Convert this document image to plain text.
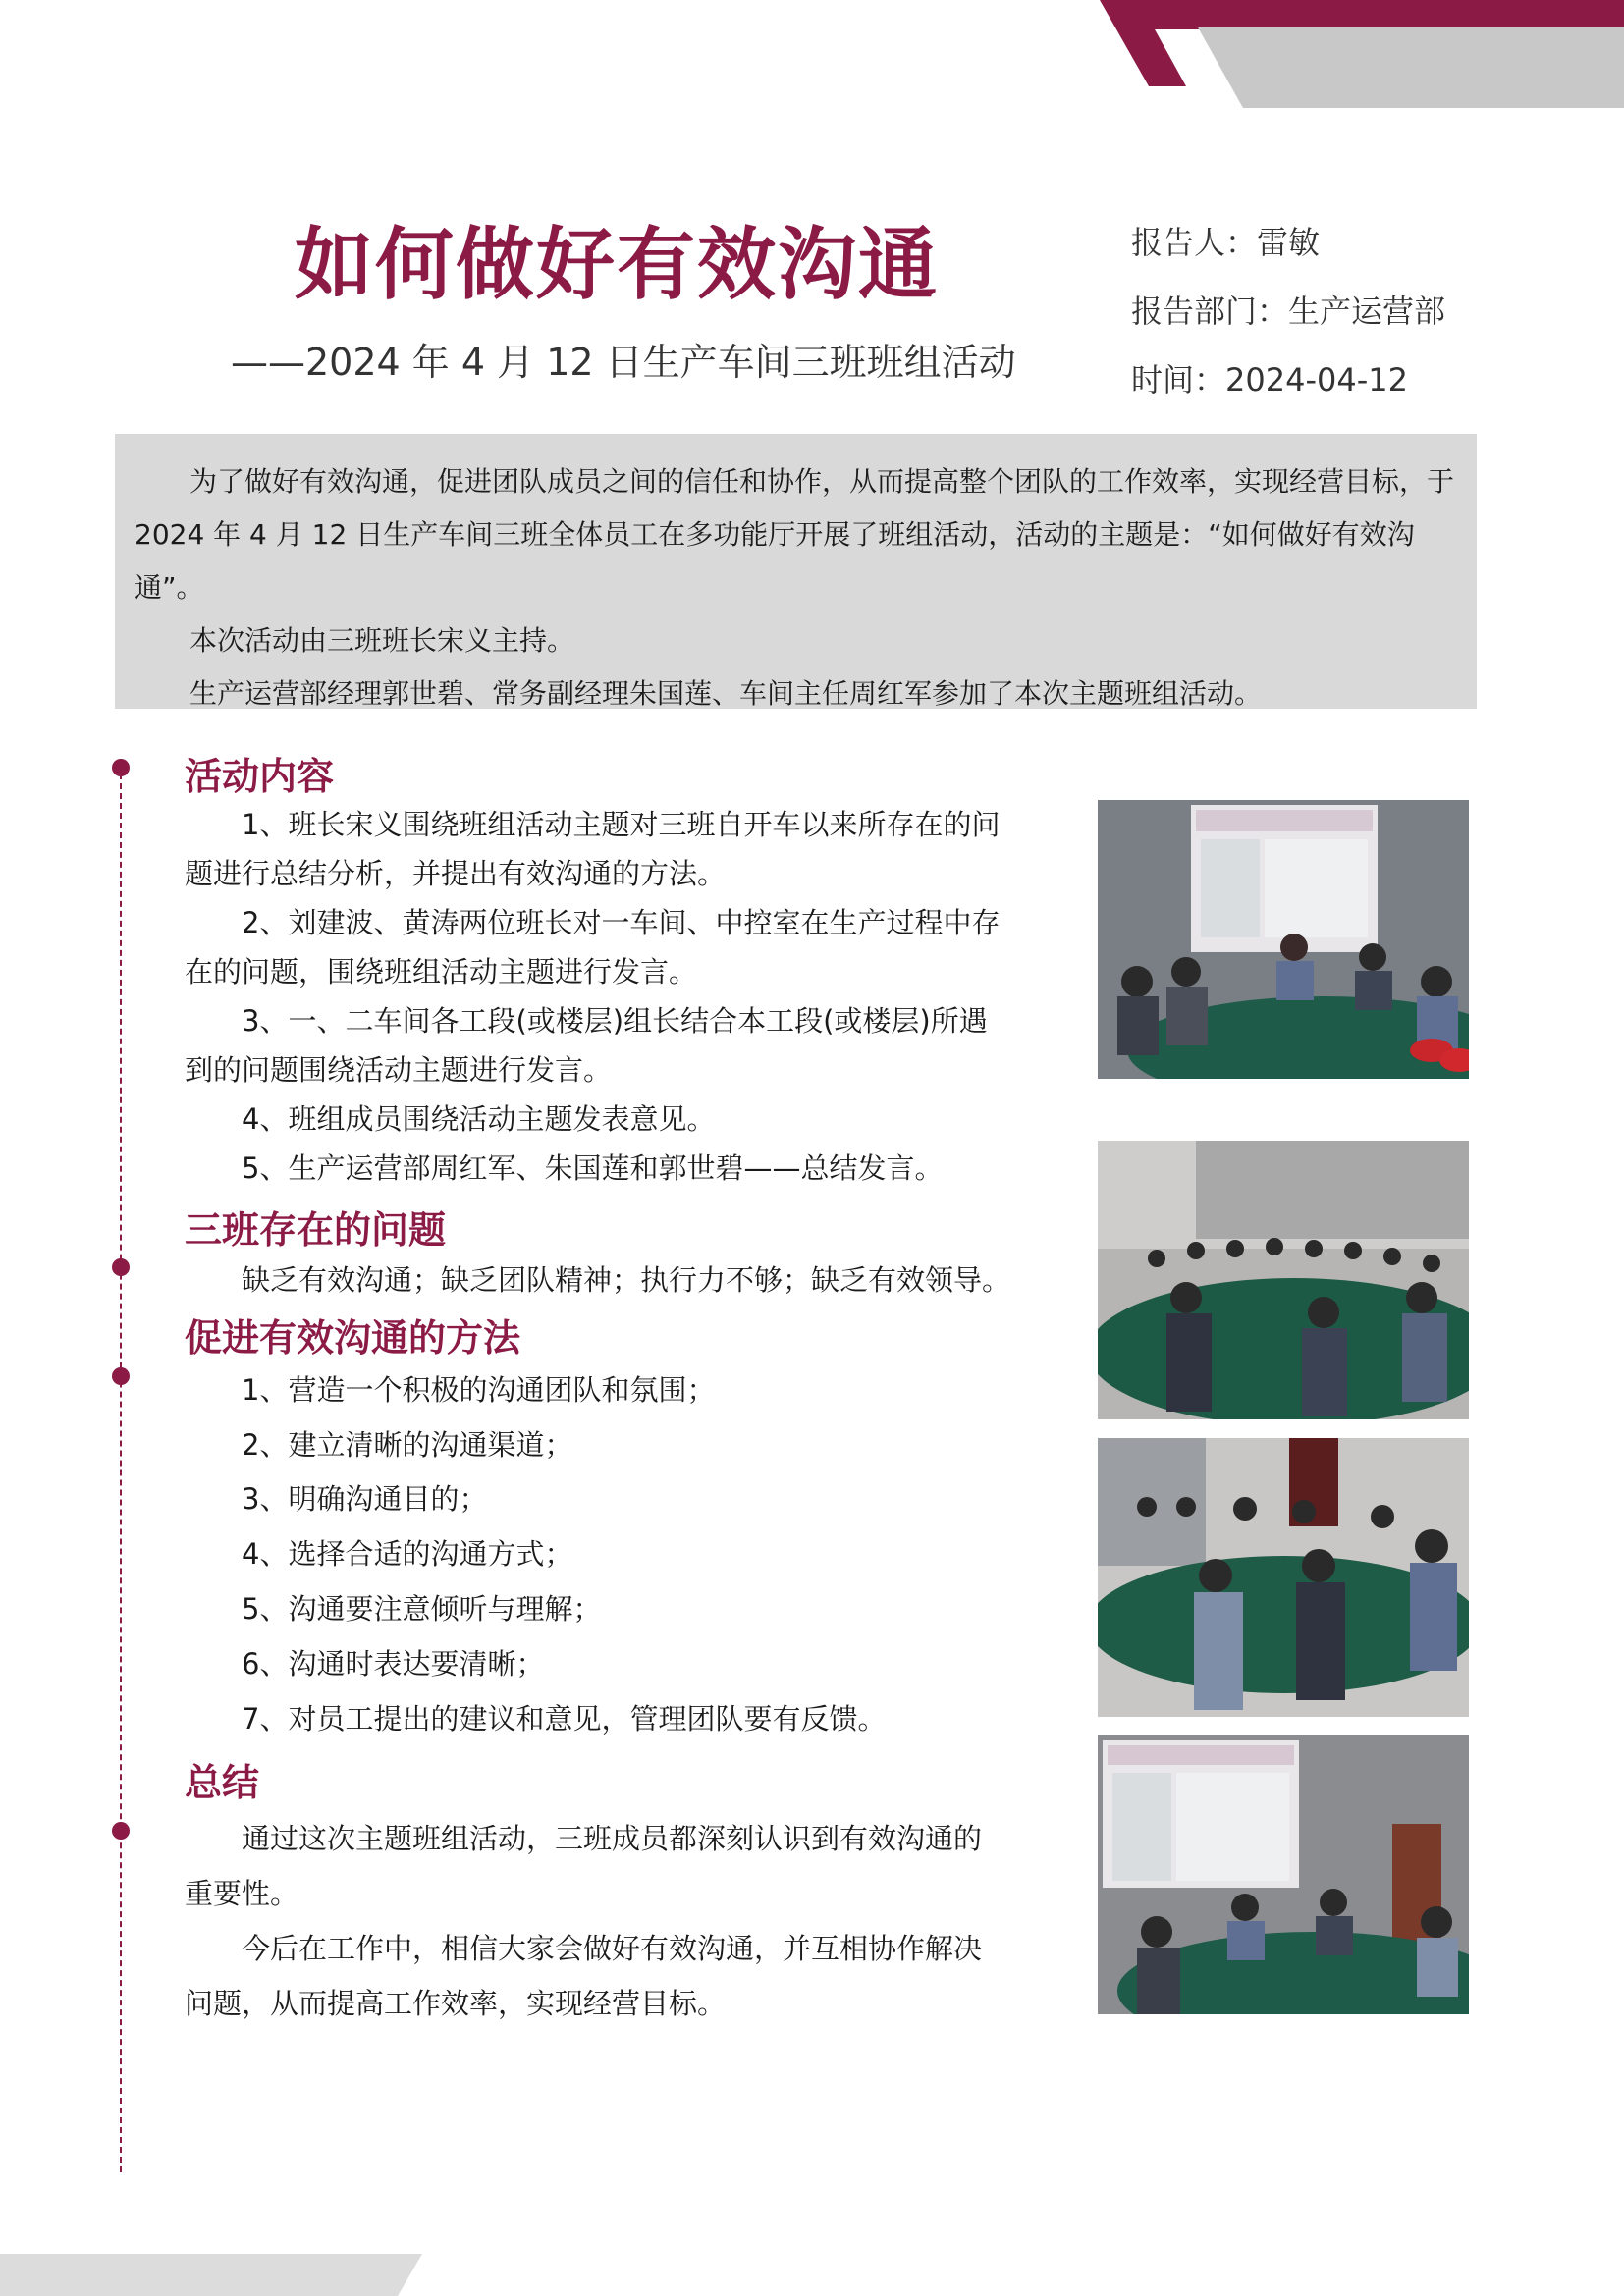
如何做好有效沟通
——2024 年 4 月 12 日生产车间三班班组活动
报告人：雷敏
报告部门：生产运营部
时间：2024-04-12

为了做好有效沟通，促进团队成员之间的信任和协作，从而提高整个团队的工作效率，实现经营目标，于 2024 年 4 月 12 日生产车间三班全体员工在多功能厅开展了班组活动，活动的主题是：“如何做好有效沟通”。

本次活动由三班班长宋义主持。

生产运营部经理郭世碧、常务副经理朱国莲、车间主任周红军参加了本次主题班组活动。

活动内容

1、班长宋义围绕班组活动主题对三班自开车以来所存在的问题进行总结分析，并提出有效沟通的方法。

2、刘建波、黄涛两位班长对一车间、中控室在生产过程中存在的问题，围绕班组活动主题进行发言。

3、一、二车间各工段(或楼层)组长结合本工段(或楼层)所遇到的问题围绕活动主题进行发言。

4、班组成员围绕活动主题发表意见。

5、生产运营部周红军、朱国莲和郭世碧——总结发言。

三班存在的问题
缺乏有效沟通；缺乏团队精神；执行力不够；缺乏有效领导。
促进有效沟通的方法
1、营造一个积极的沟通团队和氛围；
2、建立清晰的沟通渠道；
3、明确沟通目的；
4、选择合适的沟通方式；
5、沟通要注意倾听与理解；
6、沟通时表达要清晰；
7、对员工提出的建议和意见，管理团队要有反馈。
总结

通过这次主题班组活动，三班成员都深刻认识到有效沟通的重要性。

今后在工作中，相信大家会做好有效沟通，并互相协作解决问题，从而提高工作效率，实现经营目标。
